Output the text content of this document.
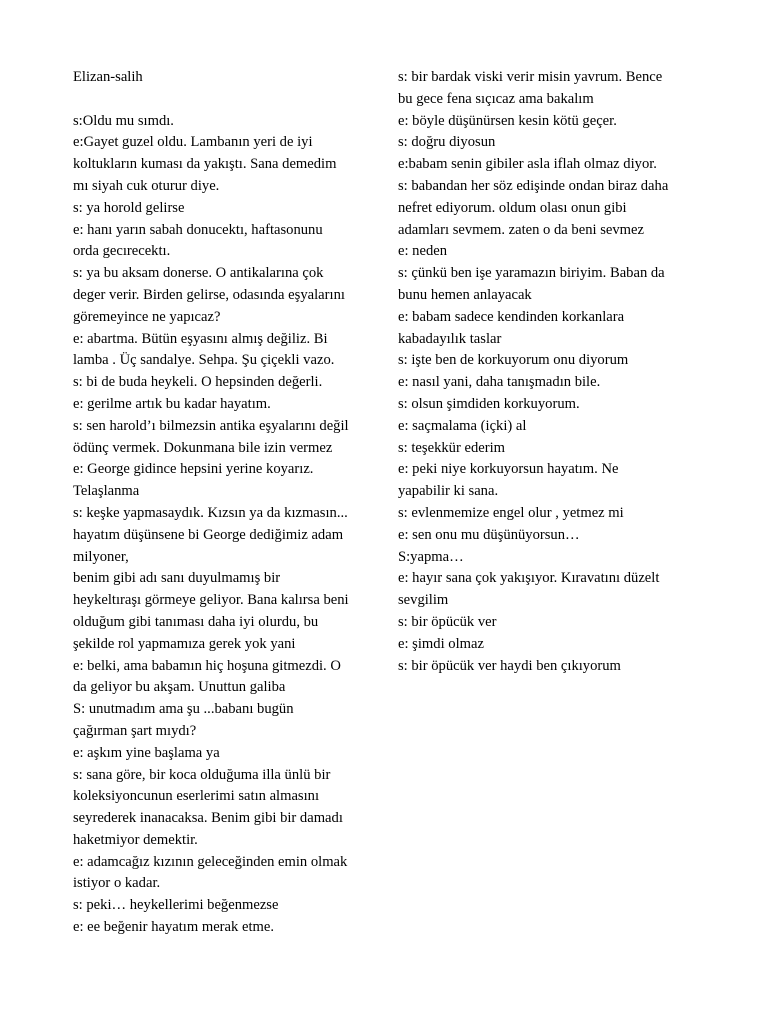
Elizan-salih
s:Oldu mu sımdı.
e:Gayet guzel oldu. Lambanın yeri de iyi
koltukların kuması da yakıştı. Sana demedim
mı siyah cuk oturur diye.
s: ya horold gelirse
e: hanı yarın sabah donucektı, haftasonunu
orda gecırecektı.
s: ya bu aksam donerse. O antikalarına çok
deger verir. Birden gelirse, odasında eşyalarını
göremeyince ne yapıcaz?
e: abartma. Bütün eşyasını almış değiliz. Bi
lamba . Üç sandalye. Sehpa. Şu çiçekli vazo.
s: bi de buda heykeli. O hepsinden değerli.
e: gerilme artık bu kadar hayatım.
s: sen harold’ı bilmezsin antika eşyalarını değil
ödünç vermek. Dokunmana bile izin vermez
e: George gidince hepsini yerine koyarız.
Telaşlanma
s: keşke yapmasaydık. Kızsın ya da kızmasın...
hayatım düşünsene bi George dediğimiz adam
milyoner,
benim gibi adı sanı duyulmamış bir
heykeltıraşı görmeye geliyor. Bana kalırsa beni
olduğum gibi tanıması daha iyi olurdu, bu
şekilde rol yapmamıza gerek yok yani
e: belki, ama babamın hiç hoşuna gitmezdi. O
da geliyor bu akşam. Unuttun galiba
S: unutmadım ama şu ...babanı bugün
çağırman şart mıydı?
e: aşkım yine başlama ya
s: sana göre, bir koca olduğuma illa ünlü bir
koleksiyoncunun eserlerimi satın almasını
seyrederek inanacaksa. Benim gibi bir damadı
haketmiyor demektir.
e: adamcağız kızının geleceğinden emin olmak
istiyor o kadar.
s: peki… heykellerimi beğenmezse
e: ee beğenir hayatım merak etme.
s: bir bardak viski verir misin yavrum. Bence
bu gece fena sıçıcaz ama bakalım
e: böyle düşünürsen kesin kötü geçer.
s: doğru diyosun
e:babam senin gibiler asla iflah olmaz diyor.
s: babandan her söz edişinde ondan biraz daha
nefret ediyorum. oldum olası onun gibi
adamları sevmem. zaten o da beni sevmez
e: neden
s: çünkü ben işe yaramazın biriyim. Baban da
bunu hemen anlayacak
e: babam sadece kendinden korkanlara
kabadayılık taslar
s: işte ben de korkuyorum onu diyorum
e: nasıl yani, daha tanışmadın bile.
s: olsun şimdiden korkuyorum.
e: saçmalama (içki) al
s: teşekkür ederim
e: peki niye korkuyorsun hayatım. Ne
yapabilir ki sana.
s: evlenmemize engel olur , yetmez mi
e: sen onu mu düşünüyorsun…
S:yapma…
e: hayır sana çok yakışıyor. Kıravatını düzelt
sevgilim
s: bir öpücük ver
e: şimdi olmaz
s: bir öpücük ver haydi ben çıkıyorum
